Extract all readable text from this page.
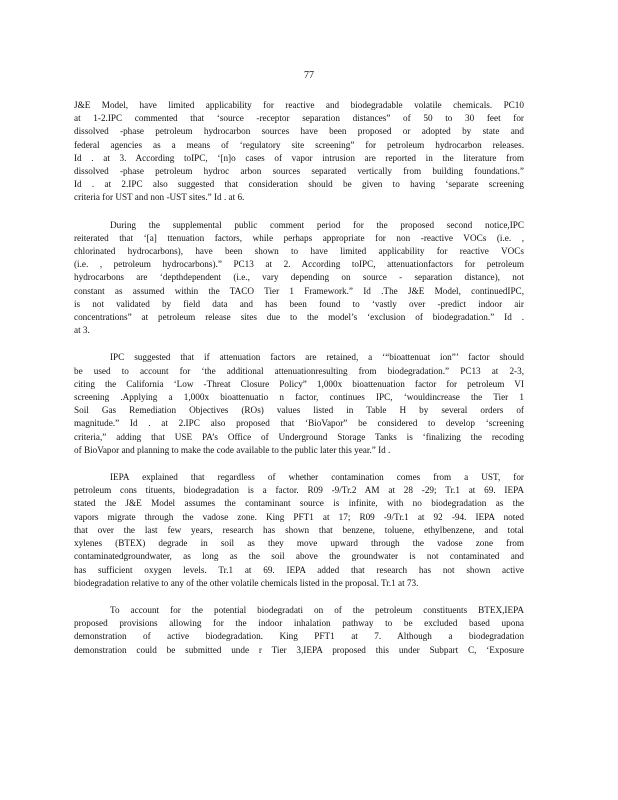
77
J&E Model, have limited applicability for reactive and biodegradable volatile chemicals. PC10
at 1-2.IPC commented that ‘source -receptor separation distances” of 50 to 30 feet for
dissolved -phase petroleum hydrocarbon sources have been proposed or adopted by state and
federal agencies as a means of ‘regulatory site screening” for petroleum hydrocarbon releases.
Id . at 3. According toIPC, ‘[n]o cases of vapor intrusion are reported in the literature from
dissolved -phase petroleum hydroc arbon sources separated vertically from building foundations.”
Id . at 2.IPC also suggested that consideration should be given to having ‘separate screening
criteria for UST and non -UST sites.” Id . at 6.
During the supplemental public comment period for the proposed second notice,IPC
reiterated that ‘[a] ttenuation factors, while perhaps appropriate for non -reactive VOCs (i.e. ,
chlorinated hydrocarbons), have been shown to have limited applicability for reactive VOCs
(i.e. , petroleum hydrocarbons).” PC13 at 2. According toIPC, attenuationfactors for petroleum
hydrocarbons are ‘depthdependent (i.e., vary depending on source - separation distance), not
constant as assumed within the TACO Tier 1 Framework.” Id .The J&E Model, continuedIPC,
is not validated by field data and has been found to ‘vastly over -predict indoor air
concentrations” at petroleum release sites due to the model’s ‘exclusion of biodegradation.” Id .
at 3.
IPC suggested that if attenuation factors are retained, a ‘“bioattenuat ion”’ factor should
be used to account for ‘the additional attenuationresulting from biodegradation.” PC13 at 2-3,
citing the California ‘Low -Threat Closure Policy” 1,000x bioattenuation factor for petroleum VI
screening .Applying a 1,000x bioattenuatio n factor, continues IPC, ‘wouldincrease the Tier 1
Soil Gas Remediation Objectives (ROs) values listed in Table H by several orders of
magnitude.” Id . at 2.IPC also proposed that ‘BioVapor” be considered to develop ‘screening
criteria,” adding that USE PA’s Office of Underground Storage Tanks is ‘finalizing the recoding
of BioVapor and planning to make the code available to the public later this year.” Id .
IEPA explained that regardless of whether contamination comes from a UST, for
petroleum cons tituents, biodegradation is a factor. R09 -9/Tr.2 AM at 28 -29; Tr.1 at 69. IEPA
stated the J&E Model assumes the contaminant source is infinite, with no biodegradation as the
vapors migrate through the vadose zone. King PFT1 at 17; R09 -9/Tr.1 at 92 -94. IEPA noted
that over the last few years, research has shown that benzene, toluene, ethylbenzene, and total
xylenes (BTEX) degrade in soil as they move upward through the vadose zone from
contaminatedgroundwater, as long as the soil above the groundwater is not contaminated and
has sufficient oxygen levels. Tr.1 at 69. IEPA added that research has not shown active
biodegradation relative to any of the other volatile chemicals listed in the proposal. Tr.1 at 73.
To account for the potential biodegradati on of the petroleum constituents BTEX,IEPA
proposed provisions allowing for the indoor inhalation pathway to be excluded based upona
demonstration of active biodegradation. King PFT1 at 7. Although a biodegradation
demonstration could be submitted unde r Tier 3,IEPA proposed this under Subpart C, ‘Exposure
